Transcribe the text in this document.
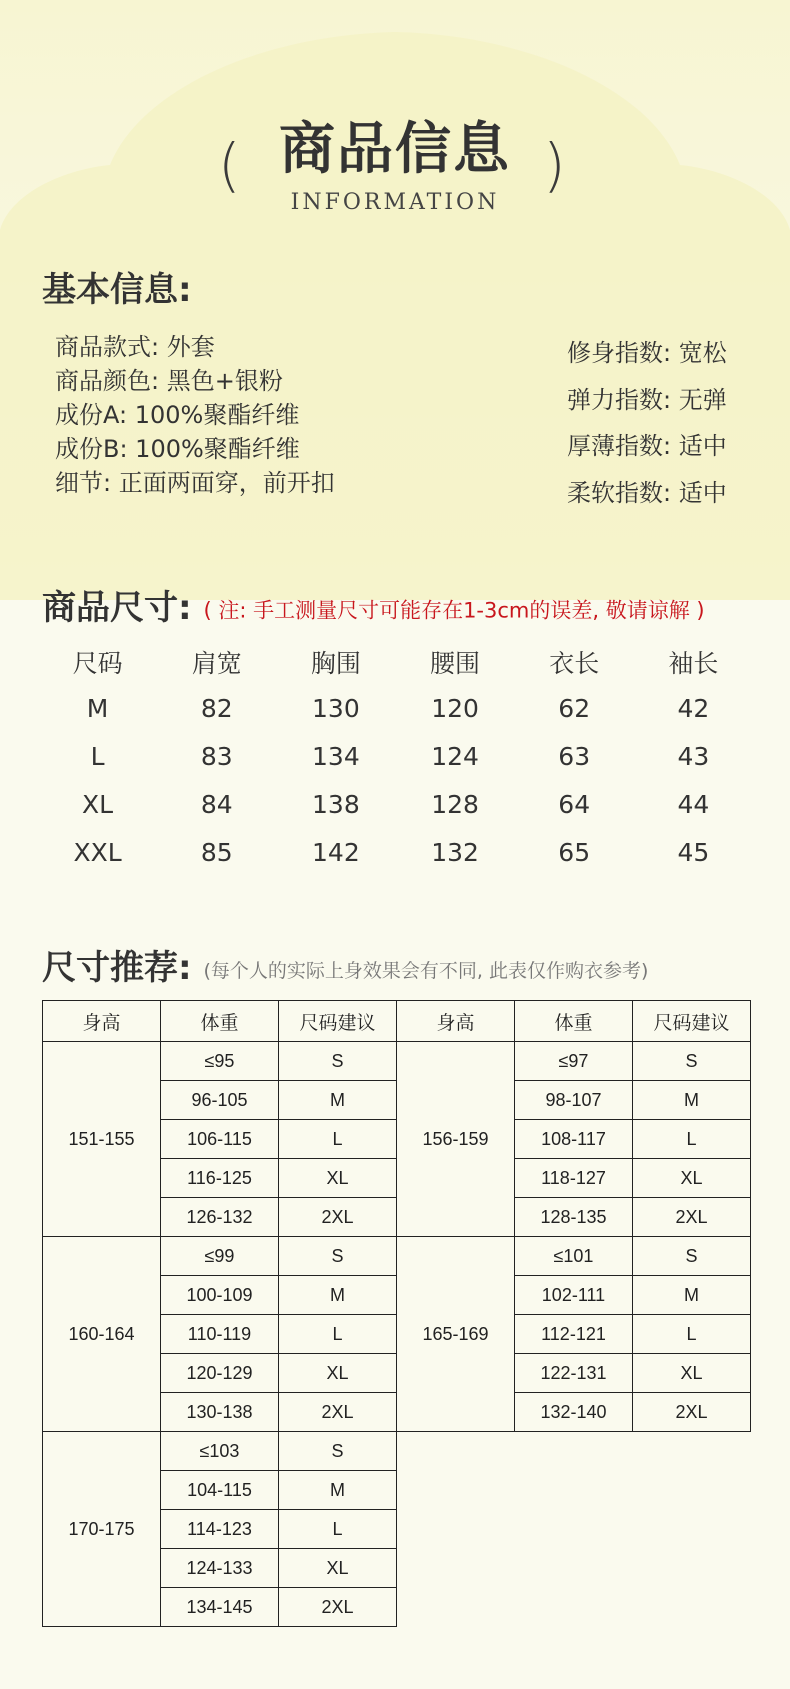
( 商品信息
INFORMATION
)
基本信息:
商品款式: 外套
商品颜色: 黑色+银粉
成份A: 100%聚酯纤维
成份B: 100%聚酯纤维
细节: 正面两面穿，前开扣
修身指数: 宽松
弹力指数: 无弹
厚薄指数: 适中
柔软指数: 适中
商品尺寸: ( 注: 手工测量尺寸可能存在1-3cm的误差, 敬请谅解 )
尺码	肩宽	胸围	腰围	衣长	袖长
M	82	130	120	62	42
L	83	134	124	63	43
XL	84	138	128	64	44
XXL	85	142	132	65	45
尺寸推荐: (每个人的实际上身效果会有不同, 此表仅作购衣参考)
身高	体重	尺码建议	身高	体重	尺码建议
151-155	≤95	S	156-159	≤97	S
	96-105	M		98-107	M
	106-115	L		108-117	L
	116-125	XL		118-127	XL
	126-132	2XL		128-135	2XL
160-164	≤99	S	165-169	≤101	S
	100-109	M		102-111	M
	110-119	L		112-121	L
	120-129	XL		122-131	XL
	130-138	2XL		132-140	2XL
170-175	≤103	S			
	104-115	M			
	114-123	L			
	124-133	XL			
	134-145	2XL			
